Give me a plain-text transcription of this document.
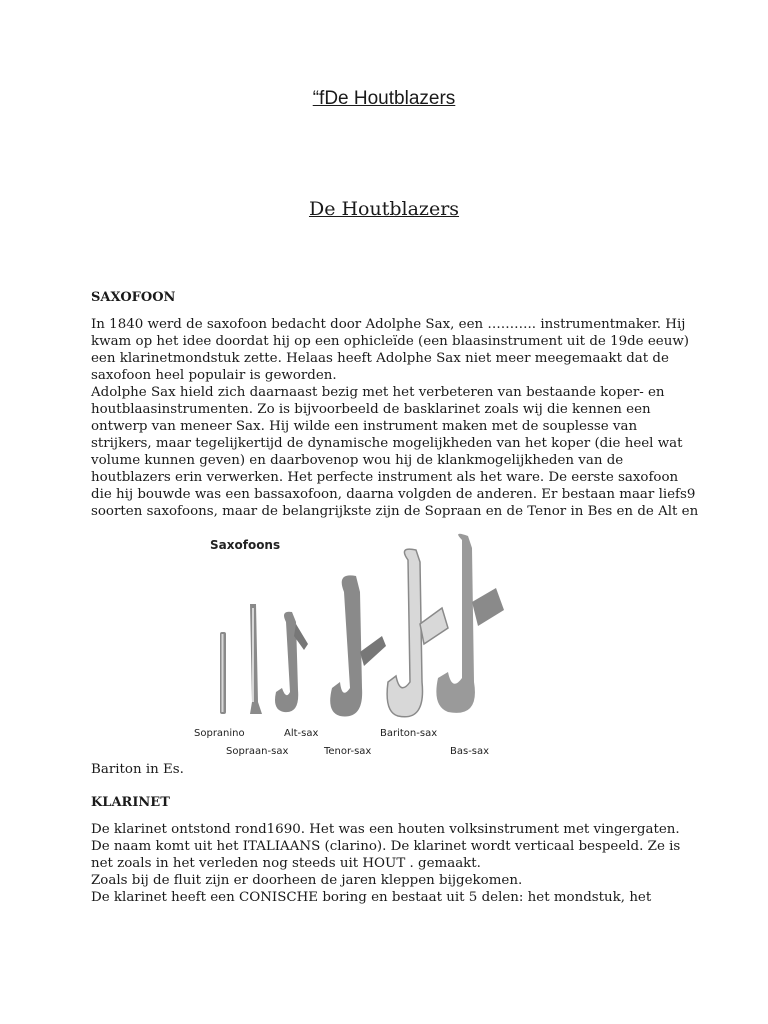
“fDe Houtblazers
De Houtblazers
SAXOFOON
In 1840 werd de saxofoon bedacht door Adolphe Sax, een ……….. instrumentmaker. Hij
kwam op het idee doordat hij op een ophicleïde (een blaasinstrument uit de 19de eeuw)
een klarinetmondstuk zette. Helaas heeft Adolphe Sax niet meer meegemaakt dat de
saxofoon heel populair is geworden.
Adolphe Sax hield zich daarnaast bezig met het verbeteren van bestaande koper- en
houtblaasinstrumenten. Zo is bijvoorbeeld de basklarinet zoals wij die kennen een
ontwerp van meneer Sax. Hij wilde een instrument maken met de souplesse van
strijkers, maar tegelijkertijd de dynamische mogelijkheden van het koper (die heel wat
volume kunnen geven) en daarbovenop wou hij de klankmogelijkheden van de
houtblazers erin verwerken. Het perfecte instrument als het ware. De eerste saxofoon
die hij bouwde was een bassaxofoon, daarna volgden de anderen. Er bestaan maar liefs9
soorten saxofoons, maar de belangrijkste zijn de Sopraan en de Tenor in Bes en de Alt en
Saxofoons
Sopranino
Sopraan-sax
Alt-sax
Tenor-sax
Bariton-sax
Bas-sax
Bariton in Es.
KLARINET
De klarinet ontstond rond1690. Het was een houten volksinstrument met vingergaten.
De naam komt uit het ITALIAANS (clarino). De klarinet wordt verticaal bespeeld. Ze is
net zoals in het verleden nog steeds uit HOUT . gemaakt.
Zoals bij de fluit zijn er doorheen de jaren kleppen bijgekomen.
De klarinet heeft een CONISCHE boring en bestaat uit 5 delen: het mondstuk, het
